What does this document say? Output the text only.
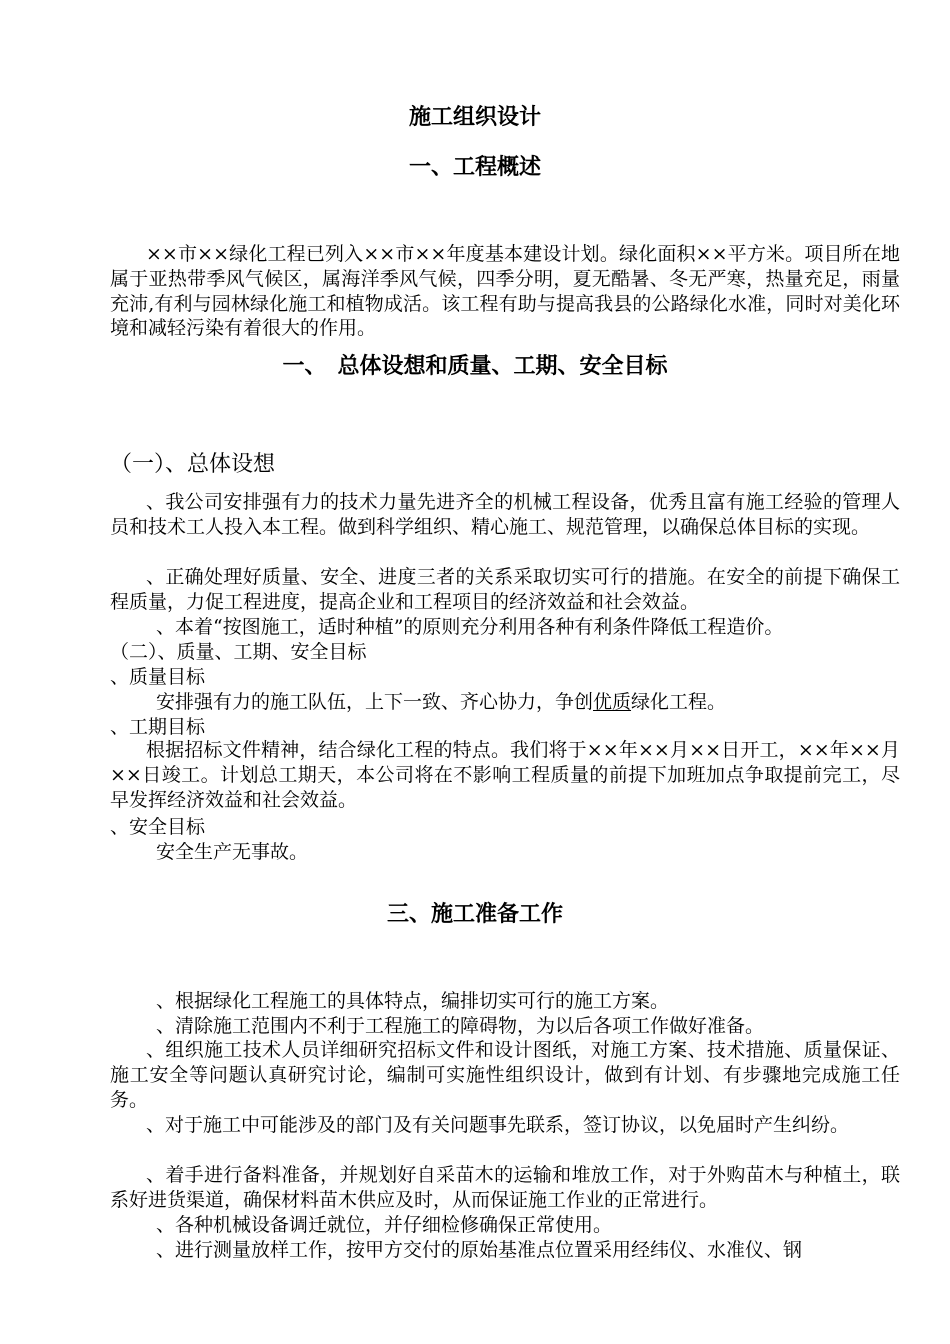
施工组织设计
一、工程概述
××市××绿化工程已列入××市××年度基本建设计划。绿化面积××平方米。项目所在地属于亚热带季风气候区，属海洋季风气候，四季分明，夏无酷暑、冬无严寒，热量充足，雨量充沛,有利与园林绿化施工和植物成活。该工程有助与提高我县的公路绿化水准，同时对美化环境和减轻污染有着很大的作用。
一、　总体设想和质量、工期、安全目标
（一）、总体设想
、我公司安排强有力的技术力量先进齐全的机械工程设备，优秀且富有施工经验的管理人员和技术工人投入本工程。做到科学组织、精心施工、规范管理，以确保总体目标的实现。
、正确处理好质量、安全、进度三者的关系采取切实可行的措施。在安全的前提下确保工程质量，力促工程进度，提高企业和工程项目的经济效益和社会效益。
、本着“按图施工，适时种植”的原则充分利用各种有利条件降低工程造价。
（二）、质量、工期、安全目标
、质量目标
安排强有力的施工队伍，上下一致、齐心协力，争创优质绿化工程。
、工期目标
根据招标文件精神，结合绿化工程的特点。我们将于××年××月××日开工，××年××月××日竣工。计划总工期天，本公司将在不影响工程质量的前提下加班加点争取提前完工，尽早发挥经济效益和社会效益。
、安全目标
安全生产无事故。
三、施工准备工作
、根据绿化工程施工的具体特点，编排切实可行的施工方案。
、清除施工范围内不利于工程施工的障碍物，为以后各项工作做好准备。
、组织施工技术人员详细研究招标文件和设计图纸，对施工方案、技术措施、质量保证、施工安全等问题认真研究讨论，编制可实施性组织设计，做到有计划、有步骤地完成施工任务。
、对于施工中可能涉及的部门及有关问题事先联系，签订协议，以免届时产生纠纷。
、着手进行备料准备，并规划好自采苗木的运输和堆放工作，对于外购苗木与种植土，联系好进货渠道，确保材料苗木供应及时，从而保证施工作业的正常进行。
、各种机械设备调迁就位，并仔细检修确保正常使用。
、进行测量放样工作，按甲方交付的原始基准点位置采用经纬仪、水准仪、钢
